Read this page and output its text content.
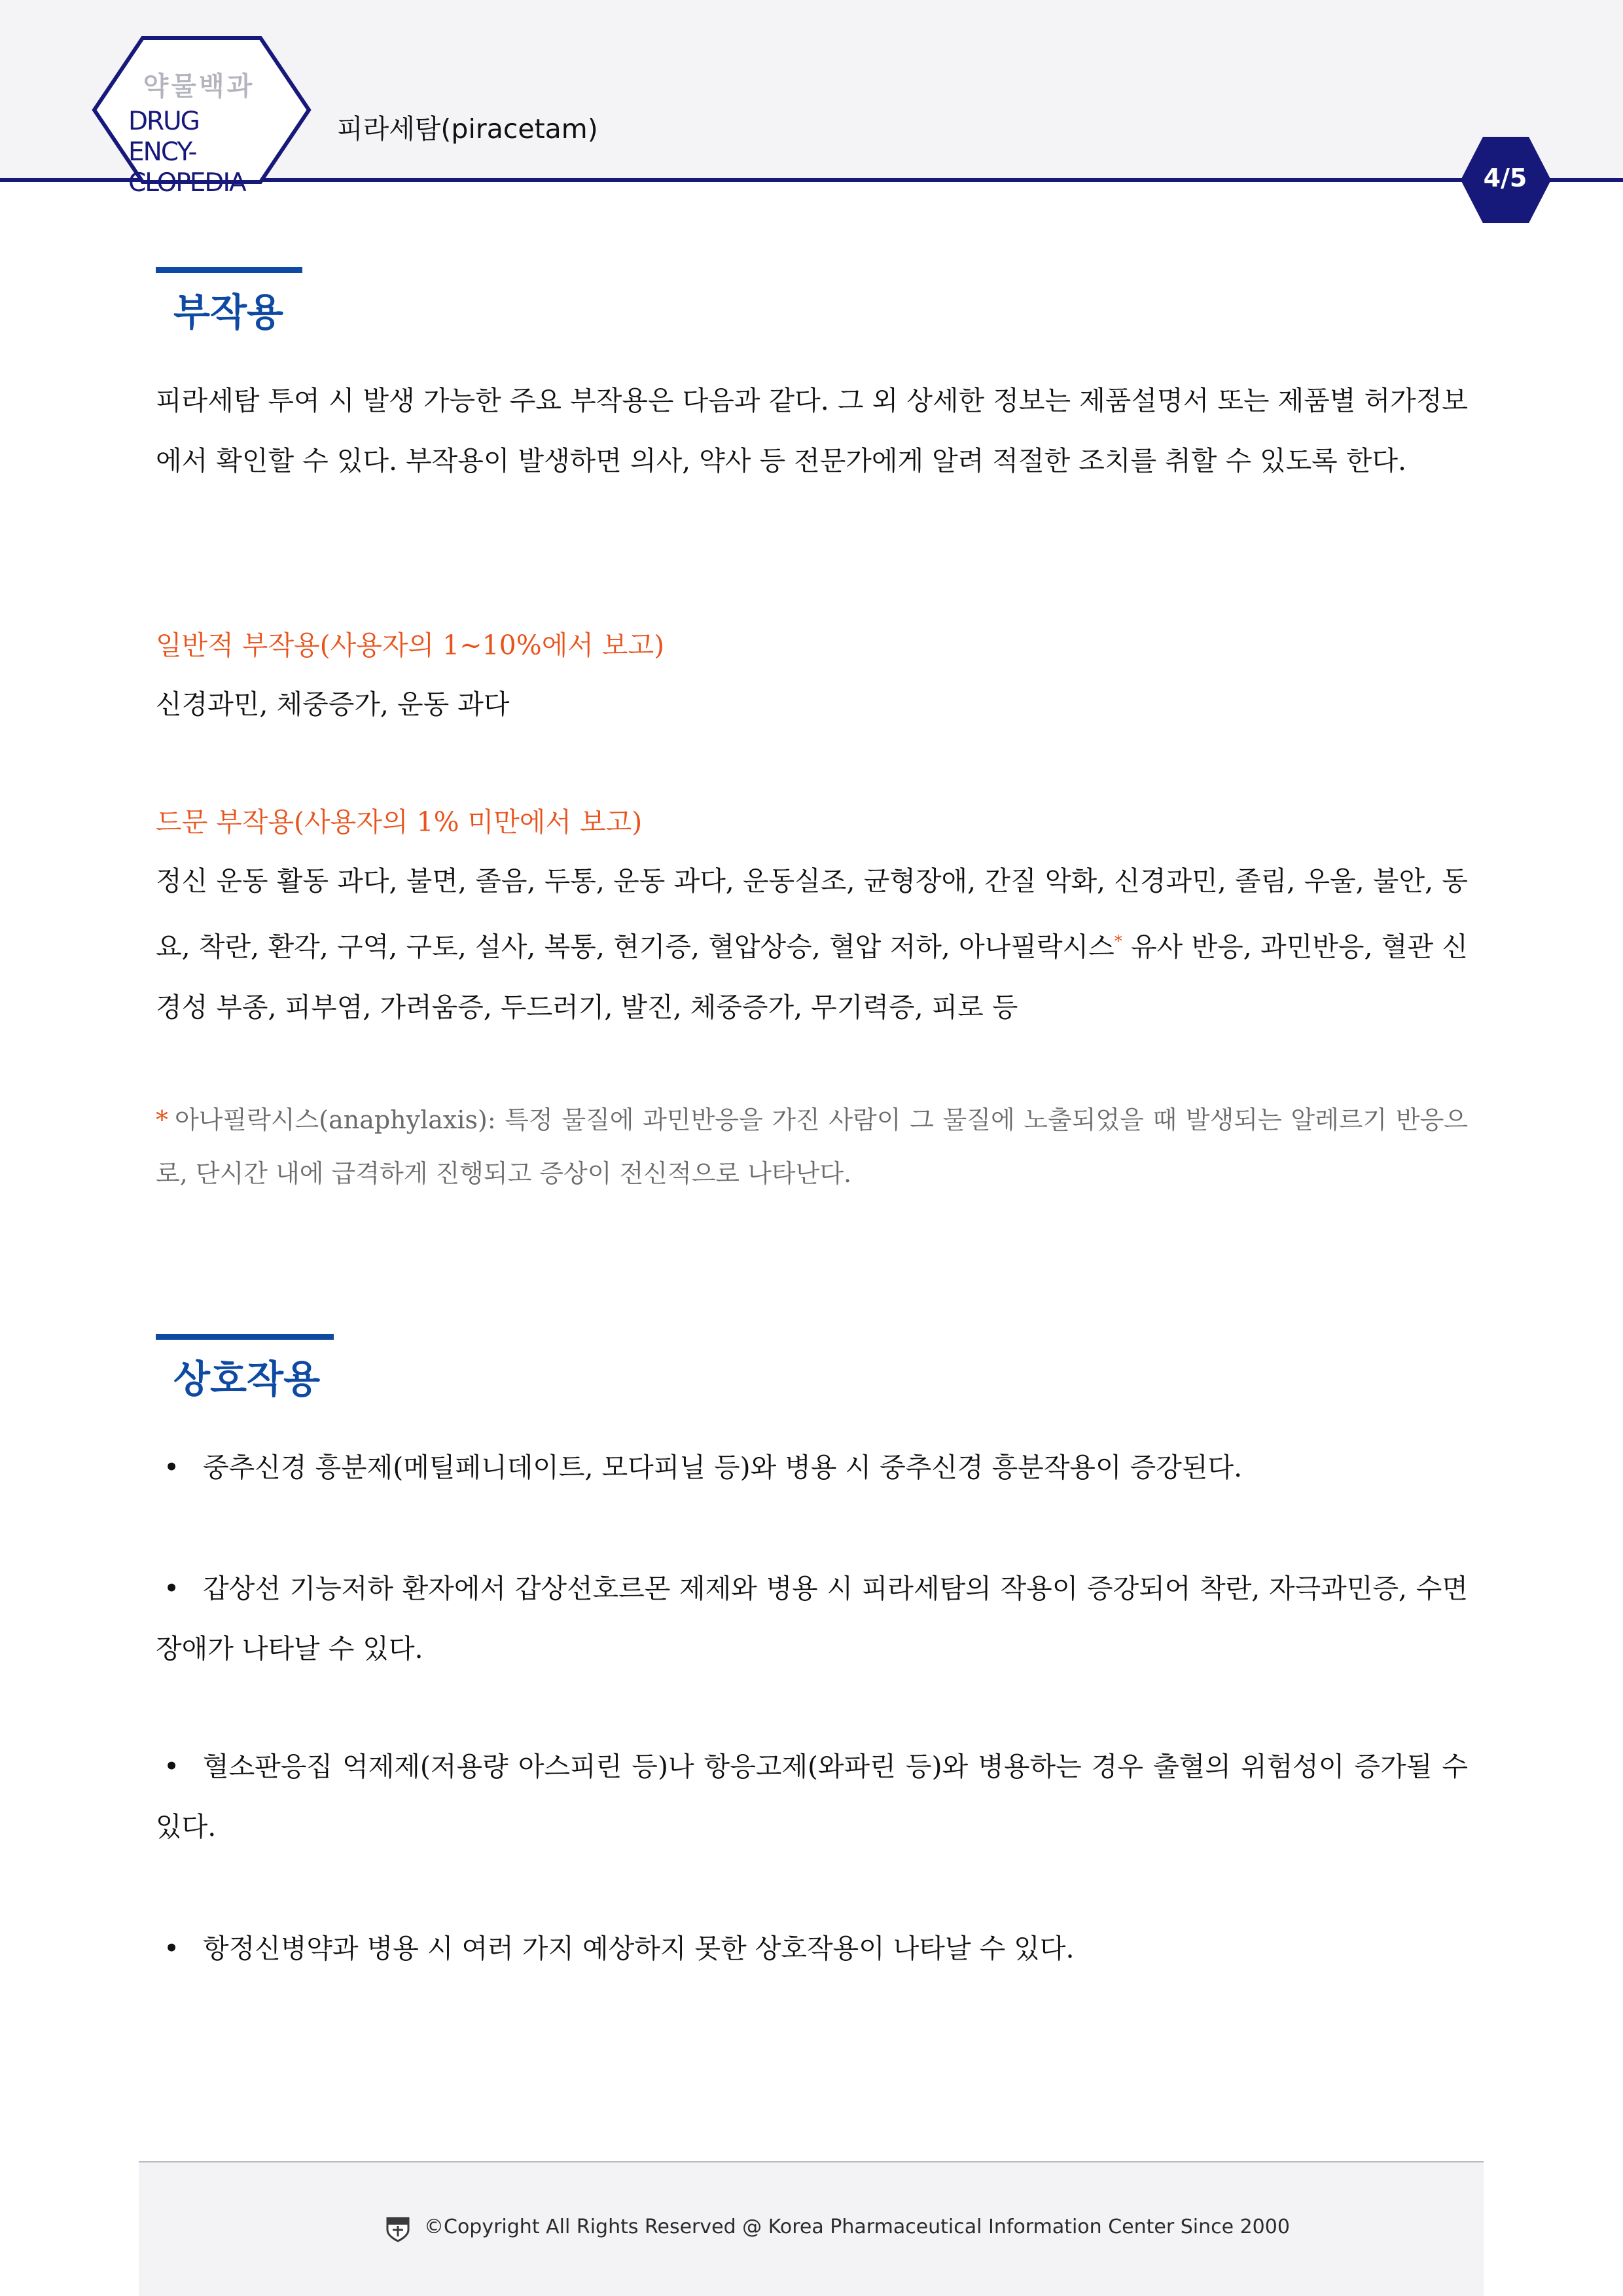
약물백과
DRUG ENCY-
CLOPEDIA
피라세탐(piracetam)
4/5
부작용

피라세탐 투여 시 발생 가능한 주요 부작용은 다음과 같다. 그 외 상세한 정보는 제품설명서 또는 제품별 허가정보에서 확인할 수 있다. 부작용이 발생하면 의사, 약사 등 전문가에게 알려 적절한 조치를 취할 수 있도록 한다.

일반적 부작용(사용자의 1~10%에서 보고)

신경과민, 체중증가, 운동 과다

드문 부작용(사용자의 1% 미만에서 보고)

정신 운동 활동 과다, 불면, 졸음, 두통, 운동 과다, 운동실조, 균형장애, 간질 악화, 신경과민, 졸림, 우울, 불안, 동요, 착란, 환각, 구역, 구토, 설사, 복통, 현기증, 혈압상승, 혈압 저하, 아나필락시스* 유사 반응, 과민반응, 혈관 신경성 부종, 피부염, 가려움증, 두드러기, 발진, 체중증가, 무기력증, 피로 등

* 아나필락시스(anaphylaxis): 특정 물질에 과민반응을 가진 사람이 그 물질에 노출되었을 때 발생되는 알레르기 반응으로, 단시간 내에 급격하게 진행되고 증상이 전신적으로 나타난다.

상호작용

• 중추신경 흥분제(메틸페니데이트, 모다피닐 등)와 병용 시 중추신경 흥분작용이 증강된다.

• 갑상선 기능저하 환자에서 갑상선호르몬 제제와 병용 시 피라세탐의 작용이 증강되어 착란, 자극과민증, 수면장애가 나타날 수 있다.

• 혈소판응집 억제제(저용량 아스피린 등)나 항응고제(와파린 등)와 병용하는 경우 출혈의 위험성이 증가될 수 있다.

• 항정신병약과 병용 시 여러 가지 예상하지 못한 상호작용이 나타날 수 있다.

©Copyright All Rights Reserved @ Korea Pharmaceutical Information Center Since 2000
